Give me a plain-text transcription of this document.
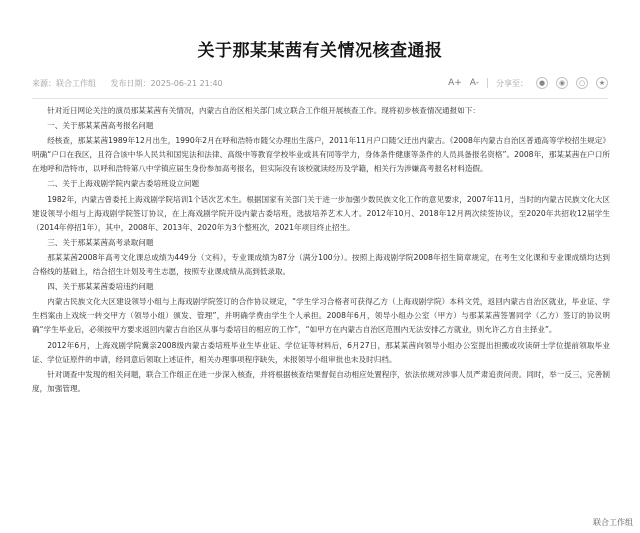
关于那某某茜有关情况核查通报
来源：联合工作组 发布日期：2025-06-21 21:40	A+ A- 分享至：	●	◉	○	★

针对近日网论关注的演员那某某茜有关情况，内蒙古自治区相关部门成立联合工作组开展核查工作。现将初步核查情况通报如下：

一、关于那某某茜高考报名问题

经核查，那某某茜1989年12月出生，1990年2月在呼和浩特市随父办理出生落户，2011年11月户口随父迁出内蒙古。《2008年内蒙古自治区普通高等学校招生规定》明确“户口在我区，且符合该中华人民共和国宪法和法律、高级中等教育学校毕业或具有同等学力，身体条件健康等条件的人员具备报名资格”。2008年，那某某茜在户口所在地呼和浩特市，以呼和浩特第八中学镇应届生身份参加高考报名，但实际没有该校就读经历及学籍，相关行为涉嫌高考报名材料造假。

二、关于上海戏剧学院内蒙古委培班设立问题

1982年，内蒙古曾委托上海戏剧学院培训1个话次艺术生。根据国家有关部门关于进一步加强少数民族文化工作的意见要求，2007年11月，当时的内蒙古民族文化大区建设领导小组与上海戏剧学院签订协议，在上海戏剧学院开设内蒙古委培班，选拔培养艺术人才。2012年10月、2018年12月两次续签协议，至2020年共招收12届学生（2014年停招1年），其中，2008年、2013年、2020年为3个整班次，2021年项目终止招生。

三、关于那某某茜高考录取问题

那某某茜2008年高考文化课总成绩为449分（文科），专业课成绩为87分（满分100分）。按照上海戏剧学院2008年招生简章规定，在考生文化课和专业课成绩均达到合格线的基础上，结合招生计划及考生志愿，按照专业课成绩从高到低录取。

四、关于那某某茜委培违约问题

内蒙古民族文化大区建设领导小组与上海戏剧学院签订的合作协议规定，“学生学习合格者可获得乙方（上海戏剧学院）本科文凭，返回内蒙古自治区就业，毕业证、学生档案由上戏统一转交甲方（领导小组）颁发、管理”，并明确学费由学生个人承担。2008年6月，领导小组办公室（甲方）与那某某茜签署同学（乙方）签订的协议明确“学生毕业后，必须按甲方要求返回内蒙古自治区从事与委培目的相应的工作”，“如甲方在内蒙古自治区范围内无法安排乙方就业，则允许乙方自主择业”。

2012年6月，上海戏剧学院冀亲2008级内蒙古委培班毕业生毕业证、学位证等材料后，6月27日，那某某茜向领导小组办公室提出担搬或攻读研士学位提前领取毕业证、学位证原件的申请，经同意后领取上述证件，相关办理事项程序缺失，未报领导小组审批也未及时归档。

针对调查中发现的相关问题，联合工作组正在进一步深入核查，并将根据核查结果督促自动相应处置程序，依法依规对涉事人员严肃追责问责。同时，举一反三，完善制度，加强管理。

联合工作组
